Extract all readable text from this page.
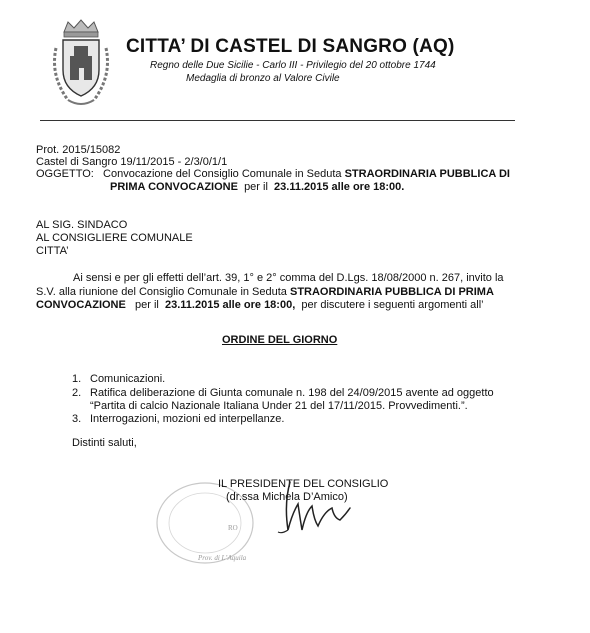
CITTA’ DI CASTEL DI SANGRO (AQ)
Regno delle Due Sicilie - Carlo III - Privilegio del 20 ottobre 1744
Medaglia di bronzo al Valore Civile
Prot. 2015/15082
Castel di Sangro 19/11/2015 - 2/3/0/1/1
OGGETTO: Convocazione del Consiglio Comunale in Seduta STRAORDINARIA PUBBLICA DI
PRIMA CONVOCAZIONE per il 23.11.2015 alle ore 18:00.
AL SIG. SINDACO
AL CONSIGLIERE COMUNALE
CITTA’
Ai sensi e per gli effetti dell’art. 39, 1° e 2° comma del D.Lgs. 18/08/2000 n. 267, invito la
S.V. alla riunione del Consiglio Comunale in Seduta STRAORDINARIA PUBBLICA DI PRIMA
CONVOCAZIONE per il 23.11.2015 alle ore 18:00, per discutere i seguenti argomenti all’
ORDINE DEL GIORNO
1. Comunicazioni.
2. Ratifica deliberazione di Giunta comunale n. 198 del 24/09/2015 avente ad oggetto
“Partita di calcio Nazionale Italiana Under 21 del 17/11/2015. Provvedimenti.”.
3. Interrogazioni, mozioni ed interpellanze.
Distinti saluti,
Prov. di L’Aquila
RO
IL PRESIDENTE DEL CONSIGLIO
(dr.ssa Michela D’Amico)
